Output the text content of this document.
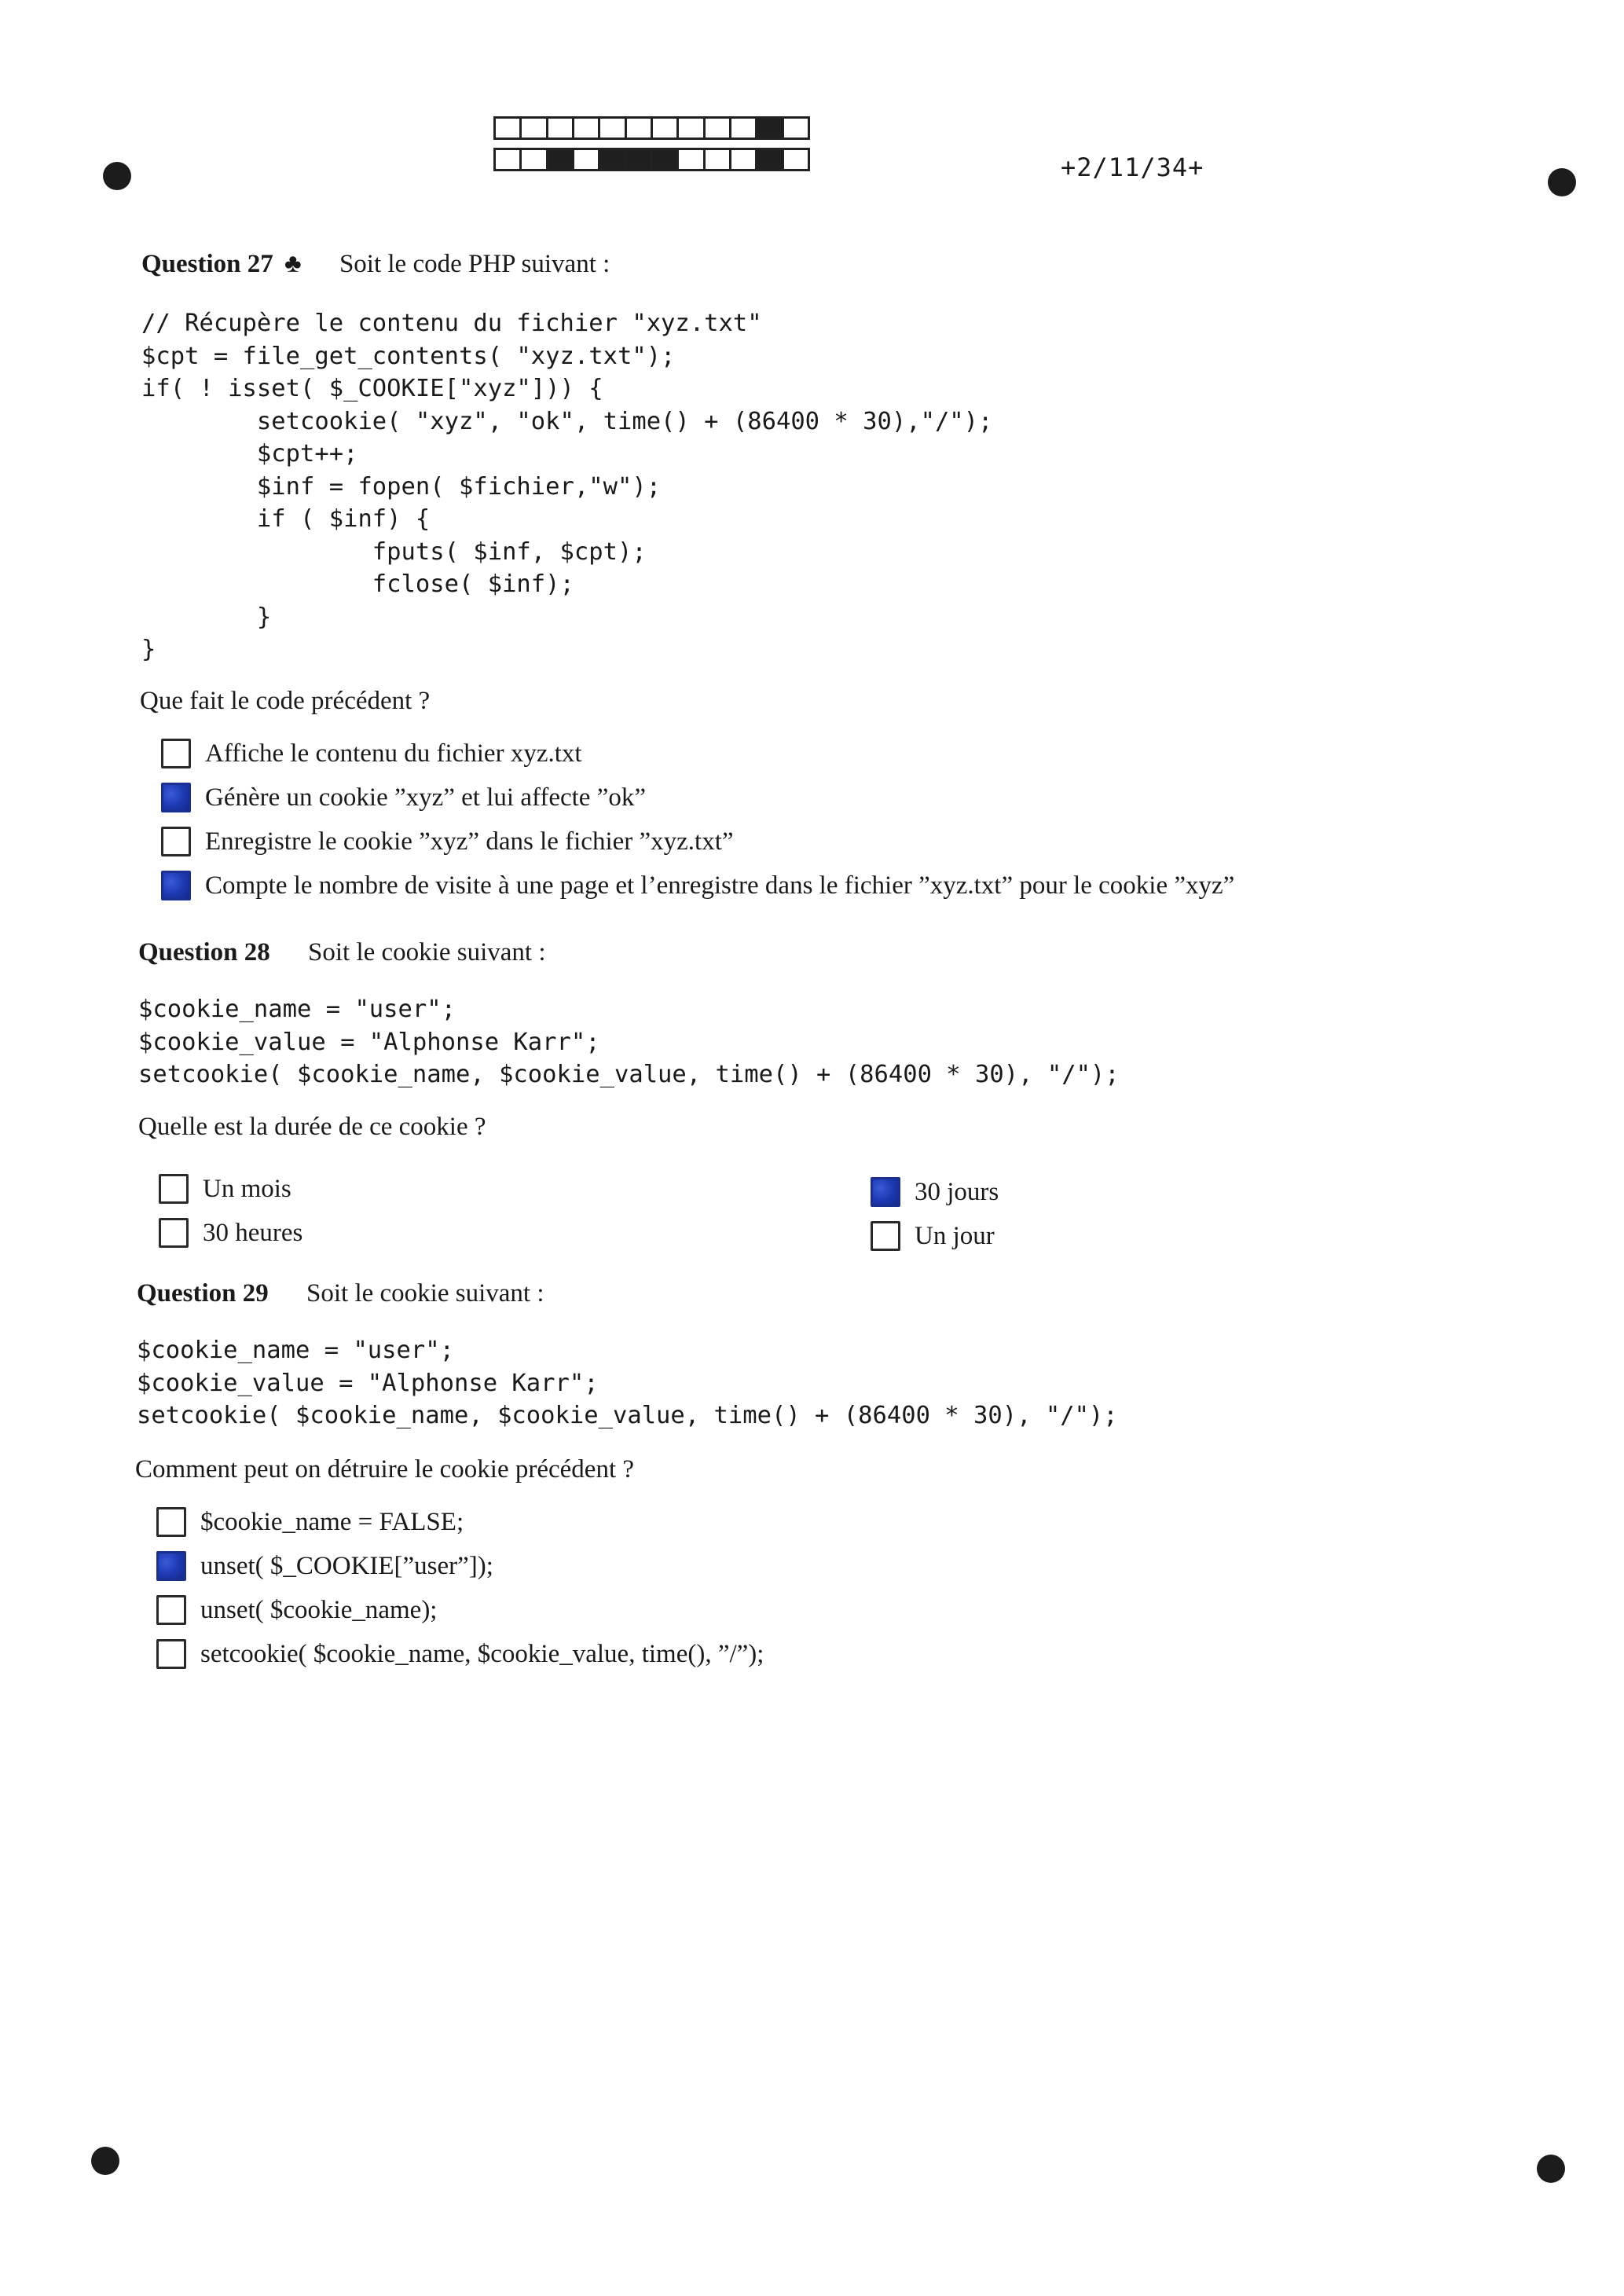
+2/11/34+
Question 27 ♣ Soit le code PHP suivant :
// Récupère le contenu du fichier "xyz.txt"
$cpt = file_get_contents( "xyz.txt");
if( ! isset( $_COOKIE["xyz"])) {
setcookie( "xyz", "ok", time() + (86400 * 30),"/");
$cpt++;
$inf = fopen( $fichier,"w");
if ( $inf) {
fputs( $inf, $cpt);
fclose( $inf);
}
}
Que fait le code précédent ?
Affiche le contenu du fichier xyz.txt
Génère un cookie ”xyz” et lui affecte ”ok”
Enregistre le cookie ”xyz” dans le fichier ”xyz.txt”
Compte le nombre de visite à une page et l’enregistre dans le fichier ”xyz.txt” pour le cookie ”xyz”
Question 28 Soit le cookie suivant :
$cookie_name = "user";
$cookie_value = "Alphonse Karr";
setcookie( $cookie_name, $cookie_value, time() + (86400 * 30), "/");
Quelle est la durée de ce cookie ?
Un mois
30 heures
30 jours
Un jour
Question 29 Soit le cookie suivant :
$cookie_name = "user";
$cookie_value = "Alphonse Karr";
setcookie( $cookie_name, $cookie_value, time() + (86400 * 30), "/");
Comment peut on détruire le cookie précédent ?
$cookie_name = FALSE;
unset( $_COOKIE[”user”]);
unset( $cookie_name);
setcookie( $cookie_name, $cookie_value, time(), ”/”);
